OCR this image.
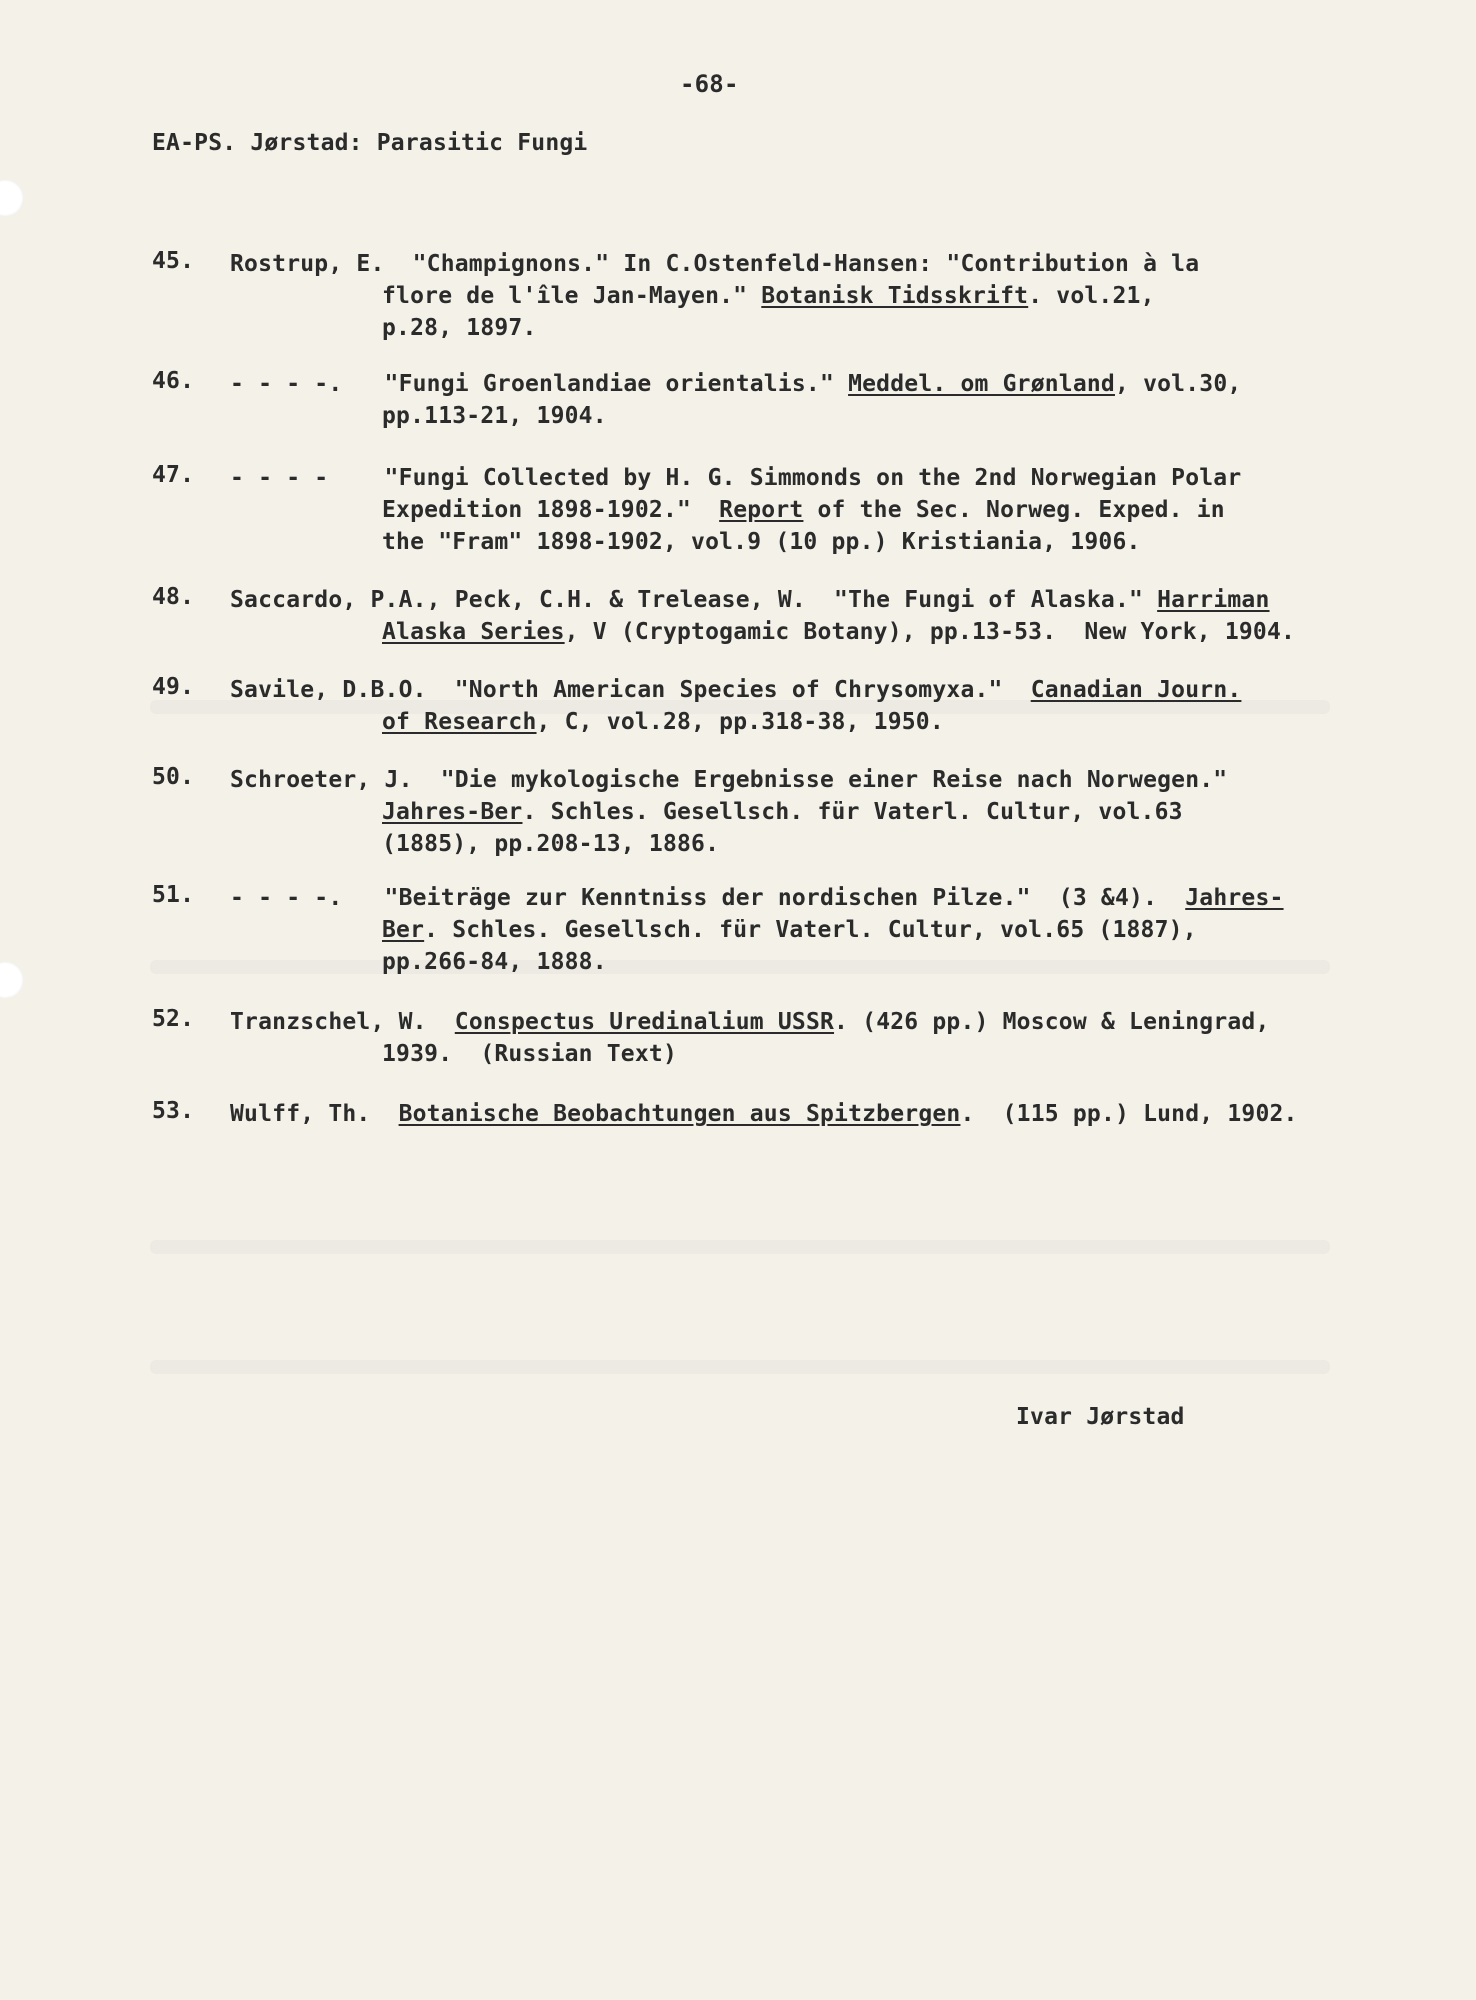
-68-
EA-PS. Jørstad: Parasitic Fungi
45.	Rostrup, E.  "Champignons." In C.Ostenfeld-Hansen: "Contribution à la
flore de l'île Jan-Mayen." Botanisk Tidsskrift. vol.21,
p.28, 1897.
46.	- - - -.   "Fungi Groenlandiae orientalis." Meddel. om Grønland, vol.30,
pp.113-21, 1904.
47.	- - - -    "Fungi Collected by H. G. Simmonds on the 2nd Norwegian Polar
Expedition 1898-1902."  Report of the Sec. Norweg. Exped. in
the "Fram" 1898-1902, vol.9 (10 pp.) Kristiania, 1906.
48.	Saccardo, P.A., Peck, C.H. & Trelease, W.  "The Fungi of Alaska." Harriman
Alaska Series, V (Cryptogamic Botany), pp.13-53.  New York, 1904.
49.	Savile, D.B.O.  "North American Species of Chrysomyxa."  Canadian Journ.
of Research, C, vol.28, pp.318-38, 1950.
50.	Schroeter, J.  "Die mykologische Ergebnisse einer Reise nach Norwegen."
Jahres-Ber. Schles. Gesellsch. für Vaterl. Cultur, vol.63
(1885), pp.208-13, 1886.
51.	- - - -.   "Beiträge zur Kenntniss der nordischen Pilze."  (3 &4).  Jahres-
Ber. Schles. Gesellsch. für Vaterl. Cultur, vol.65 (1887),
pp.266-84, 1888.
52.	Tranzschel, W.  Conspectus Uredinalium USSR. (426 pp.) Moscow & Leningrad,
1939.  (Russian Text)
53.	Wulff, Th.  Botanische Beobachtungen aus Spitzbergen.  (115 pp.) Lund, 1902.
Ivar Jørstad
